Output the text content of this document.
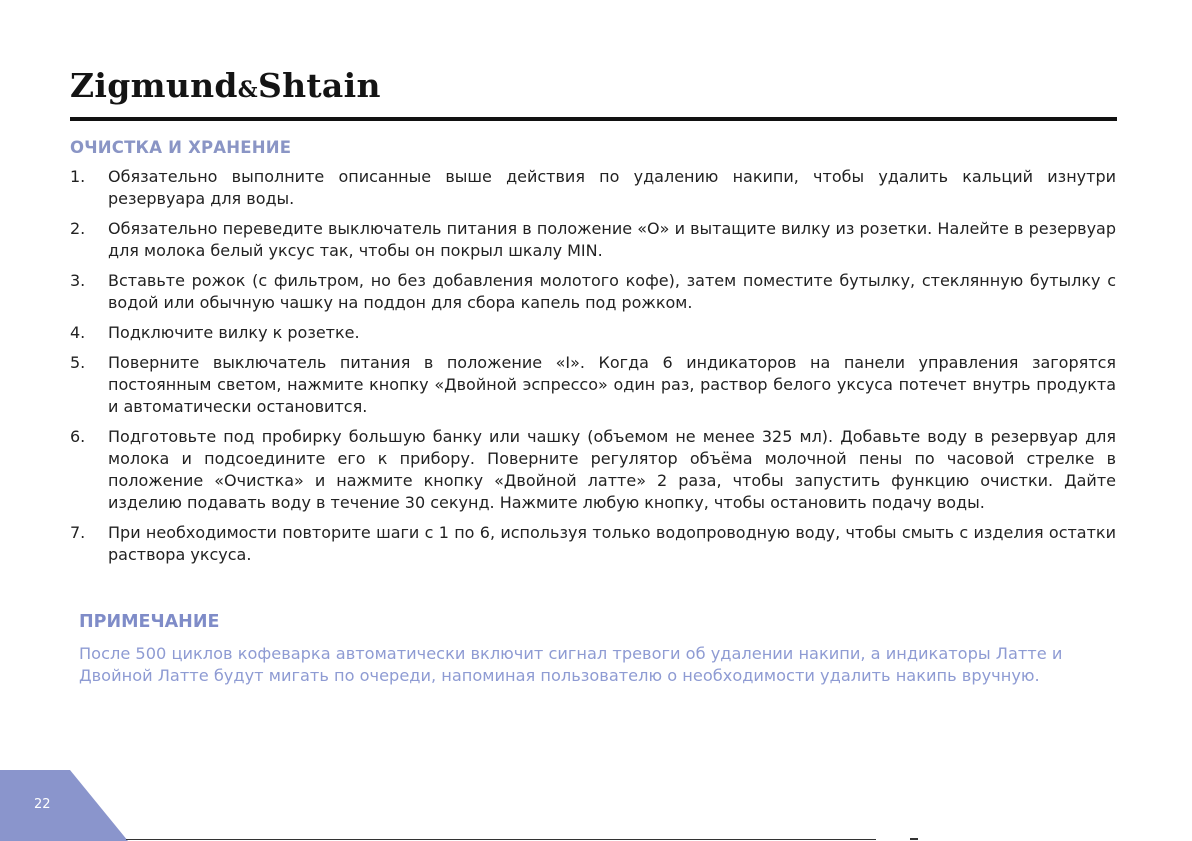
Zigmund&Shtain
ОЧИСТКА И ХРАНЕНИЕ
1.	Обязательно выполните описанные выше действия по удалению накипи, чтобы удалить кальций изнутри резервуара для воды.
2.	Обязательно переведите выключатель питания в положение «O» и вытащите вилку из розетки. Налейте в резервуар для молока белый уксус так, чтобы он покрыл шкалу MIN.
3.	Вставьте рожок (с фильтром, но без добавления молотого кофе), затем поместите бутылку, стеклянную бутылку с водой или обычную чашку на поддон для сбора капель под рожком.
4.	Подключите вилку к розетке.
5.	Поверните выключатель питания в положение «I». Когда 6 индикаторов на панели управления загорятся постоянным светом, нажмите кнопку «Двойной эспрессо» один раз, раствор белого уксуса потечет внутрь продукта и автоматически остановится.
6.	Подготовьте под пробирку большую банку или чашку (объемом не менее 325 мл). Добавьте воду в резервуар для молока и подсоедините его к прибору. Поверните регулятор объёма молочной пены по часовой стрелке в положение «Очистка» и нажмите кнопку «Двойной латте» 2 раза, чтобы запустить функцию очистки. Дайте изделию подавать воду в течение 30 секунд. Нажмите любую кнопку, чтобы остановить подачу воды.
7.	При необходимости повторите шаги с 1 по 6, используя только водопроводную воду, чтобы смыть с изделия остатки раствора уксуса.
ПРИМЕЧАНИЕ

После 500 циклов кофеварка автоматически включит сигнал тревоги об удалении накипи, а индикаторы Латте и Двойной Латте будут мигать по очереди, напоминая пользователю о необходимости удалить накипь вручную.

22
